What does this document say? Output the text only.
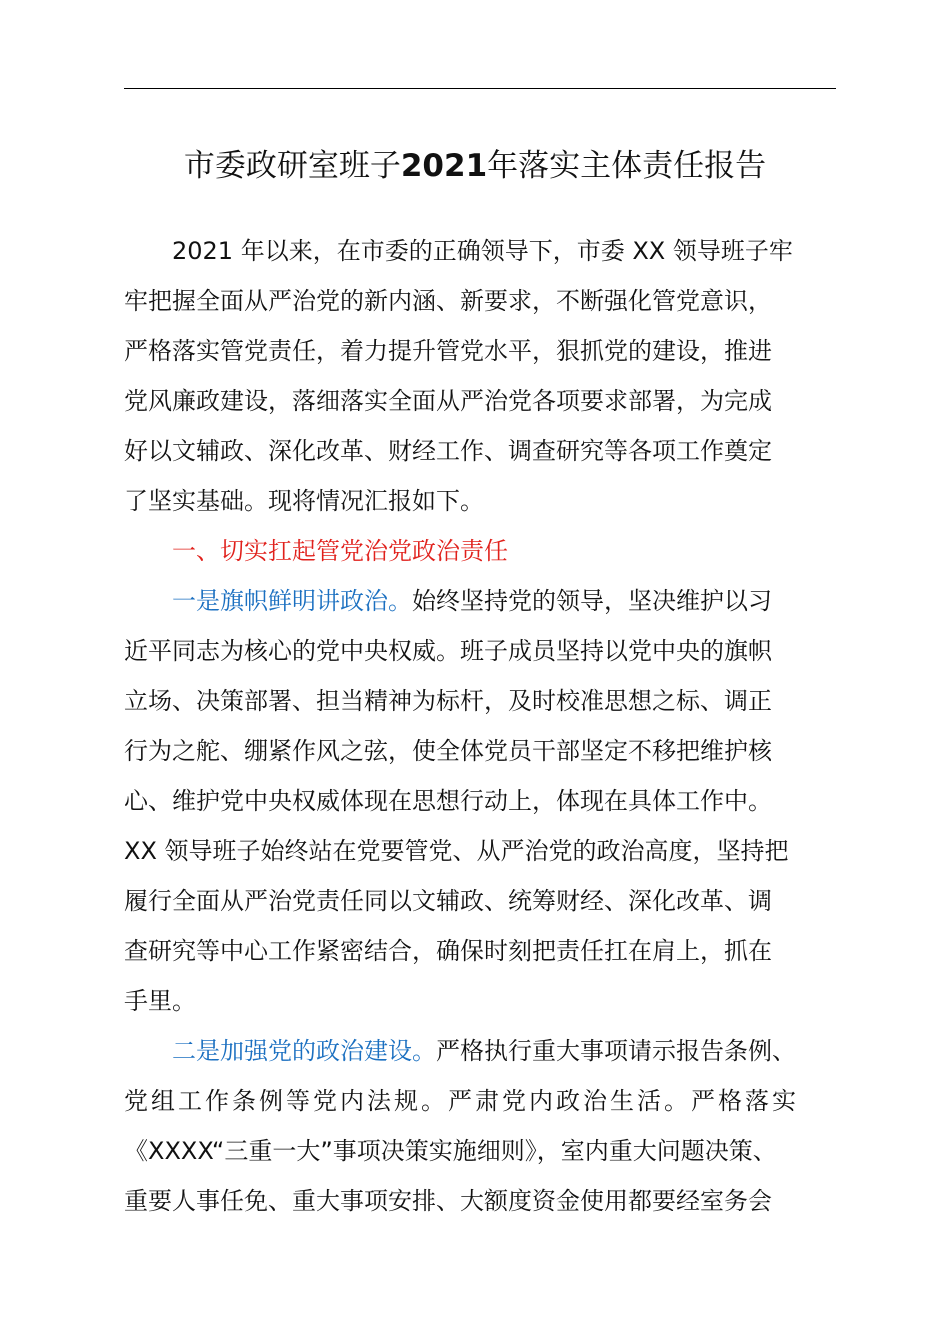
市委政研室班子2021年落实主体责任报告
2021 年以来，在市委的正确领导下，市委 XX 领导班子牢
牢把握全面从严治党的新内涵、新要求，不断强化管党意识，
严格落实管党责任，着力提升管党水平，狠抓党的建设，推进
党风廉政建设，落细落实全面从严治党各项要求部署，为完成
好以文辅政、深化改革、财经工作、调查研究等各项工作奠定
了坚实基础。现将情况汇报如下。
一、切实扛起管党治党政治责任
一是旗帜鲜明讲政治。始终坚持党的领导，坚决维护以习
近平同志为核心的党中央权威。班子成员坚持以党中央的旗帜
立场、决策部署、担当精神为标杆，及时校准思想之标、调正
行为之舵、绷紧作风之弦，使全体党员干部坚定不移把维护核
心、维护党中央权威体现在思想行动上，体现在具体工作中。
XX 领导班子始终站在党要管党、从严治党的政治高度，坚持把
履行全面从严治党责任同以文辅政、统筹财经、深化改革、调
查研究等中心工作紧密结合，确保时刻把责任扛在肩上，抓在
手里。
二是加强党的政治建设。严格执行重大事项请示报告条例、
党组工作条例等党内法规。严肃党内政治生活。严格落实
《XXXX“三重一大”事项决策实施细则》，室内重大问题决策、
重要人事任免、重大事项安排、大额度资金使用都要经室务会
